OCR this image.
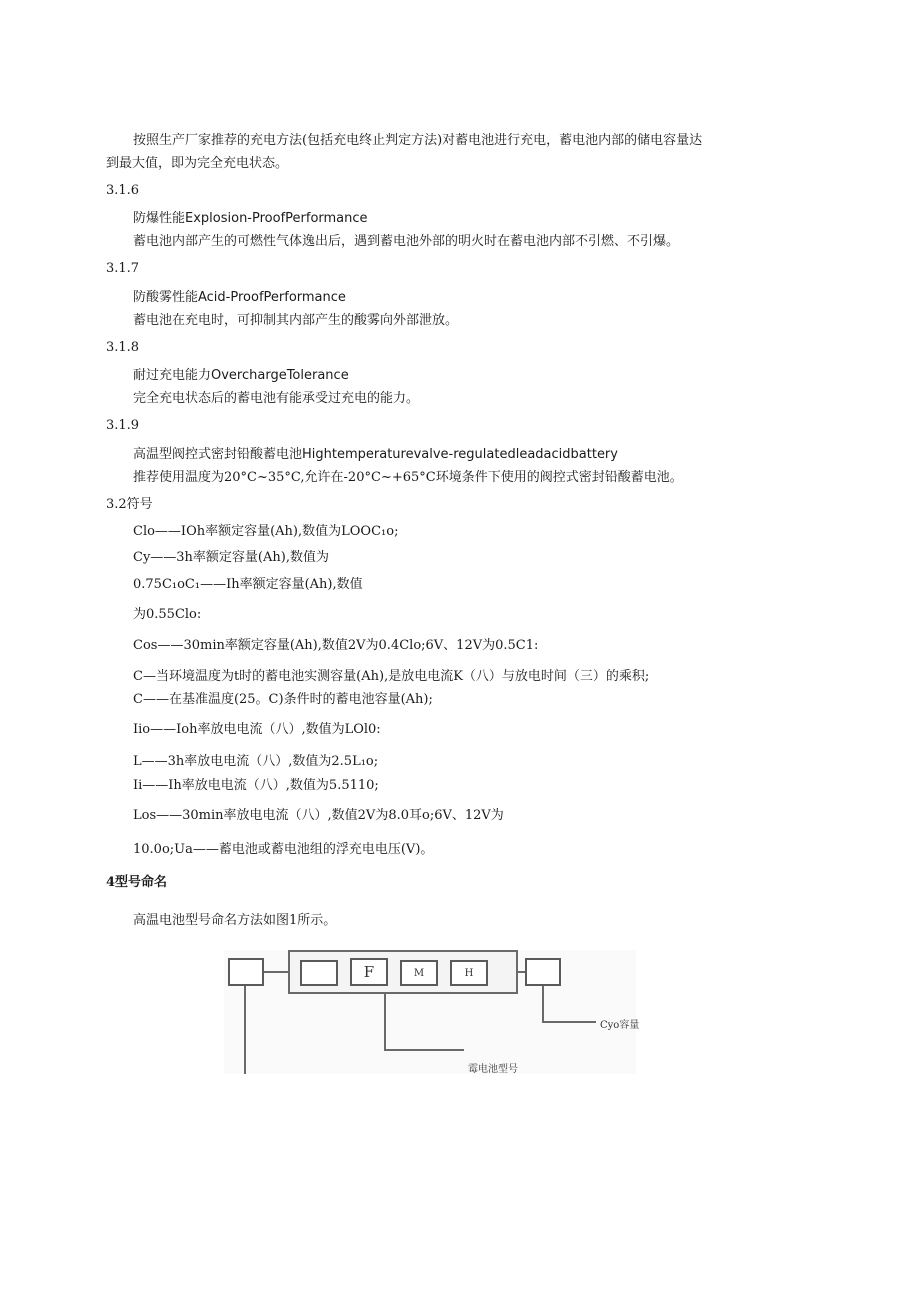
按照生产厂家推荐的充电方法(包括充电终止判定方法)对蓄电池进行充电，蓄电池内部的储电容量达
到最大值，即为完全充电状态。
3.1.6
防爆性能Explosion-ProofPerformance
蓄电池内部产生的可燃性气体逸出后，遇到蓄电池外部的明火时在蓄电池内部不引燃、不引爆。
3.1.7
防酸雾性能Acid-ProofPerformance
蓄电池在充电时，可抑制其内部产生的酸雾向外部泄放。
3.1.8
耐过充电能力OverchargeTolerance
完全充电状态后的蓄电池有能承受过充电的能力。
3.1.9
高温型阀控式密封铅酸蓄电池Hightemperaturevalve-regulatedleadacidbattery
推荐使用温度为20°C~35°C,允许在-20°C~+65°C环境条件下使用的阀控式密封铅酸蓄电池。
3.2符号
Clo——IOh率额定容量(Ah),数值为LOOC₁o;
Cy——3h率额定容量(Ah),数值为
0.75C₁oC₁——Ih率额定容量(Ah),数值
为0.55Clo:
Cos——30min率额定容量(Ah),数值2V为0.4Clo;6V、12V为0.5C1:
C—当环境温度为t时的蓄电池实测容量(Ah),是放电电流K（八）与放电时间（三）的乘积;
C——在基准温度(25。C)条件时的蓄电池容量(Ah);
Iio——Ioh率放电电流（八）,数值为LOl0:
L——3h率放电电流（八）,数值为2.5L₁o;
Ii——Ih率放电电流（八）,数值为5.5110;
Los——30min率放电电流（八）,数值2V为8.0耳o;6V、12V为
10.0o;Ua——蓄电池或蓄电池组的浮充电电压(V)。
4型号命名
高温电池型号命名方法如图1所示。
F	M	H
Cyo容量
霉电池型号
